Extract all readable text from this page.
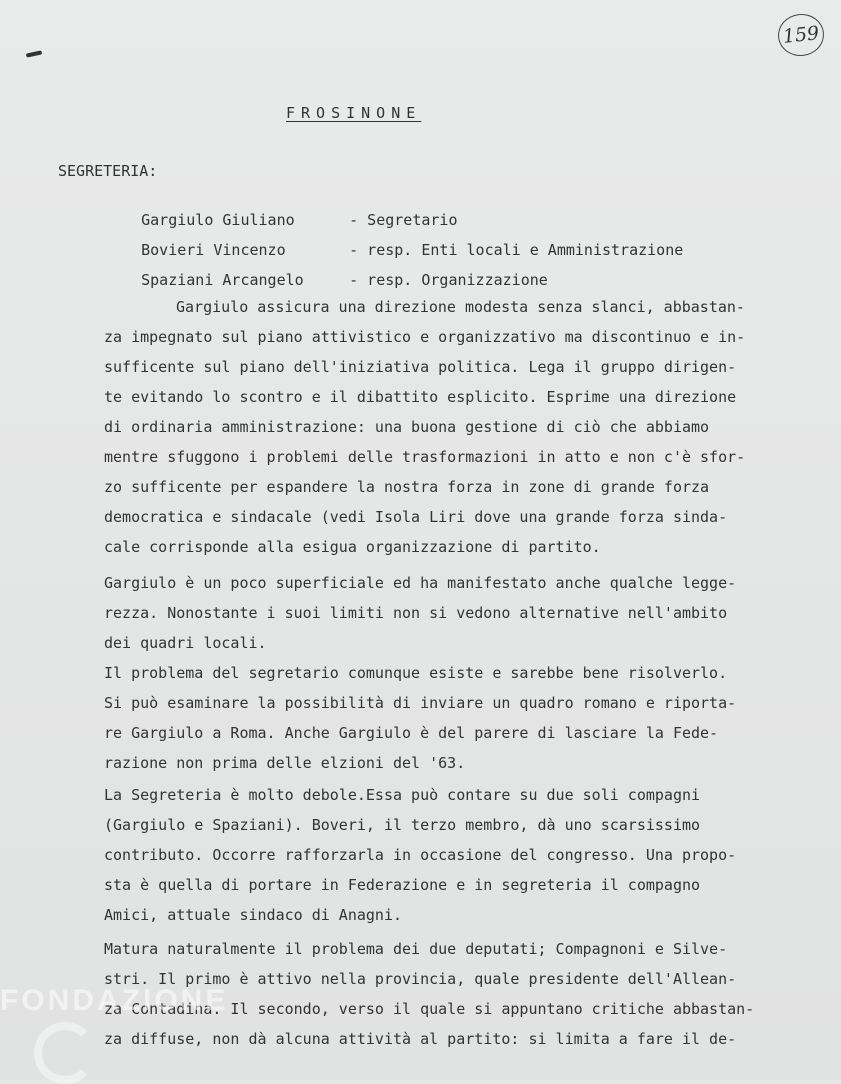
159
FROSINONE
SEGRETERIA:

Gargiulo Giuliano	- Segretario

Bovieri Vincenzo	- resp. Enti locali e Amministrazione

Spaziani Arcangelo	- resp. Organizzazione

Gargiulo assicura una direzione modesta senza slanci, abbastan-
za impegnato sul piano attivistico e organizzativo ma discontinuo e in-
sufficente sul piano dell'iniziativa politica. Lega il gruppo dirigen-
te evitando lo scontro e il dibattito esplicito. Esprime una direzione
di ordinaria amministrazione: una buona gestione di ciò che abbiamo
mentre sfuggono i problemi delle trasformazioni in atto e non c'è sfor-
zo sufficente per espandere la nostra forza in zone di grande forza
democratica e sindacale (vedi Isola Liri dove una grande forza sinda-
cale corrisponde alla esigua organizzazione di partito.
Gargiulo è un poco superficiale ed ha manifestato anche qualche legge-
rezza. Nonostante i suoi limiti non si vedono alternative nell'ambito
dei quadri locali.
Il problema del segretario comunque esiste e sarebbe bene risolverlo.
Si può esaminare la possibilità di inviare un quadro romano e riporta-
re Gargiulo a Roma. Anche Gargiulo è del parere di lasciare la Fede-
razione non prima delle elzioni del '63.
La Segreteria è molto debole.Essa può contare su due soli compagni
(Gargiulo e Spaziani). Boveri, il terzo membro, dà uno scarsissimo
contributo. Occorre rafforzarla in occasione del congresso. Una propo-
sta è quella di portare in Federazione e in segreteria il compagno
Amici, attuale sindaco di Anagni.
Matura naturalmente il problema dei due deputati; Compagnoni e Silve-
stri. Il primo è attivo nella provincia, quale presidente dell'Allean-
za Contadina. Il secondo, verso il quale si appuntano critiche abbastan-
za diffuse, non dà alcuna attività al partito: si limita a fare il de-
FONDAZIONE
